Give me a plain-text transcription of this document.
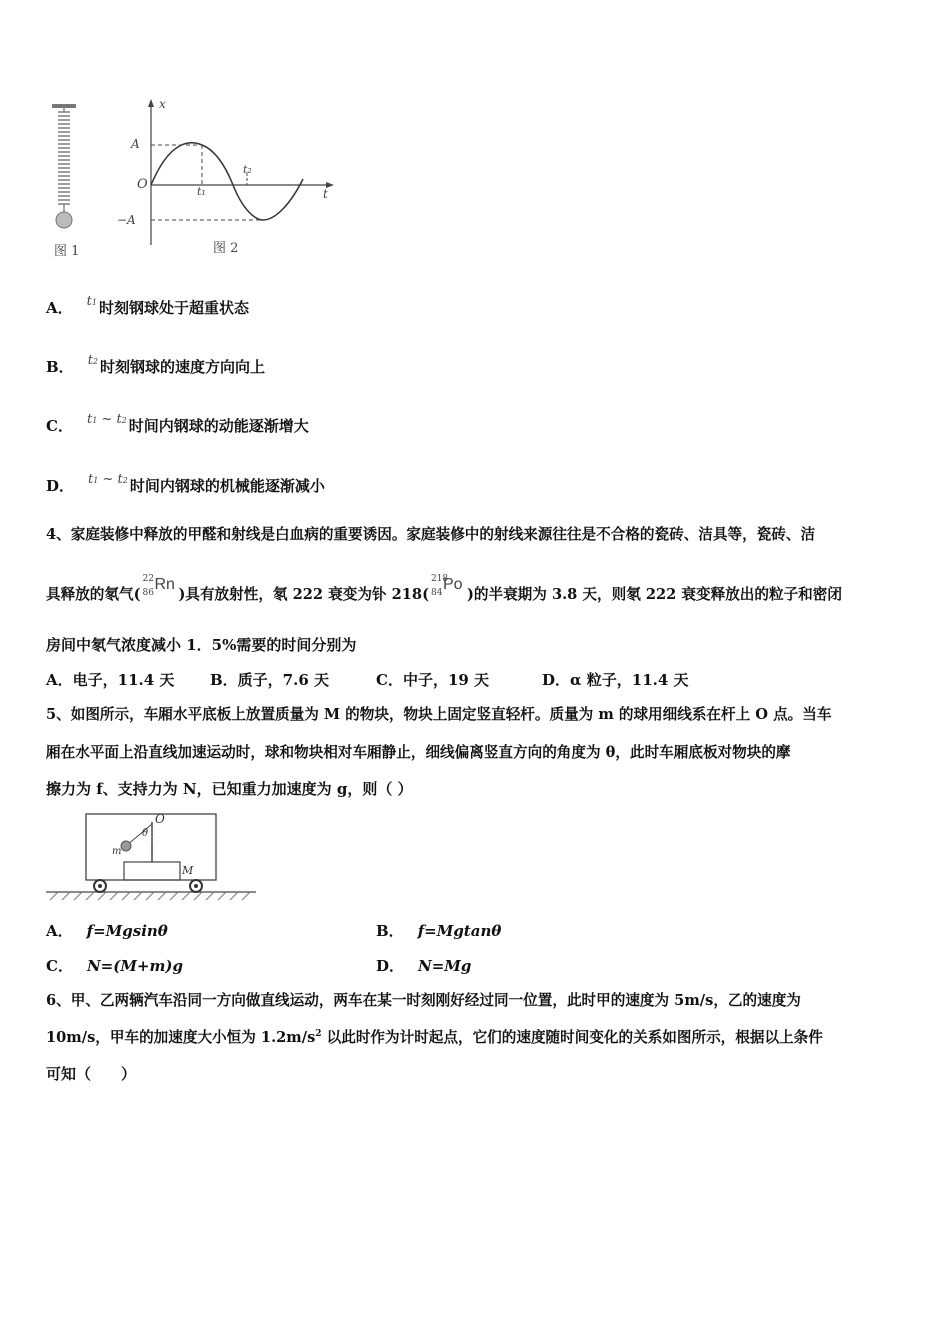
图 1
x
t
A
−A
O	t₁
t₂
图 2
A． t1 时刻钢球处于超重状态
B． t2 时刻钢球的速度方向向上
C． t1 ~ t2 时间内钢球的动能逐渐增大
D． t1 ~ t2 时间内钢球的机械能逐渐减小
4、家庭装修中释放的甲醛和射线是白血病的重要诱因。家庭装修中的射线来源往往是不合格的瓷砖、洁具等，瓷砖、洁
具释放的氡气(
22
86 Rn
)具有放射性，氡 222 衰变为钋 218(
218
84 Po
)的半衰期为 3.8 天，则氡 222 衰变释放出的粒子和密闭
房间中氡气浓度减小 1．5%需要的时间分别为
A．电子，11.4 天 B．质子，7.6 天	C．中子，19 天	D．α 粒子，11.4 天
5、如图所示，车厢水平底板上放置质量为 M 的物块，物块上固定竖直轻杆。质量为 m 的球用细线系在杆上 O 点。当车
厢在水平面上沿直线加速运动时，球和物块相对车厢静止，细线偏离竖直方向的角度为 θ，此时车厢底板对物块的摩
擦力为 f、支持力为 N，已知重力加速度为 g，则（ ）
O
θ
m
M
A． f=Mgsinθ	B． f=Mgtanθ
C． N=(M+m)g	D． N=Mg
6、甲、乙两辆汽车沿同一方向做直线运动，两车在某一时刻刚好经过同一位置，此时甲的速度为 5m/s，乙的速度为
10m/s，甲车的加速度大小恒为 $1.2m/s^2$ 以此时作为计时起点，它们的速度随时间变化的关系如图所示，根据以上条件
可知（　　）
